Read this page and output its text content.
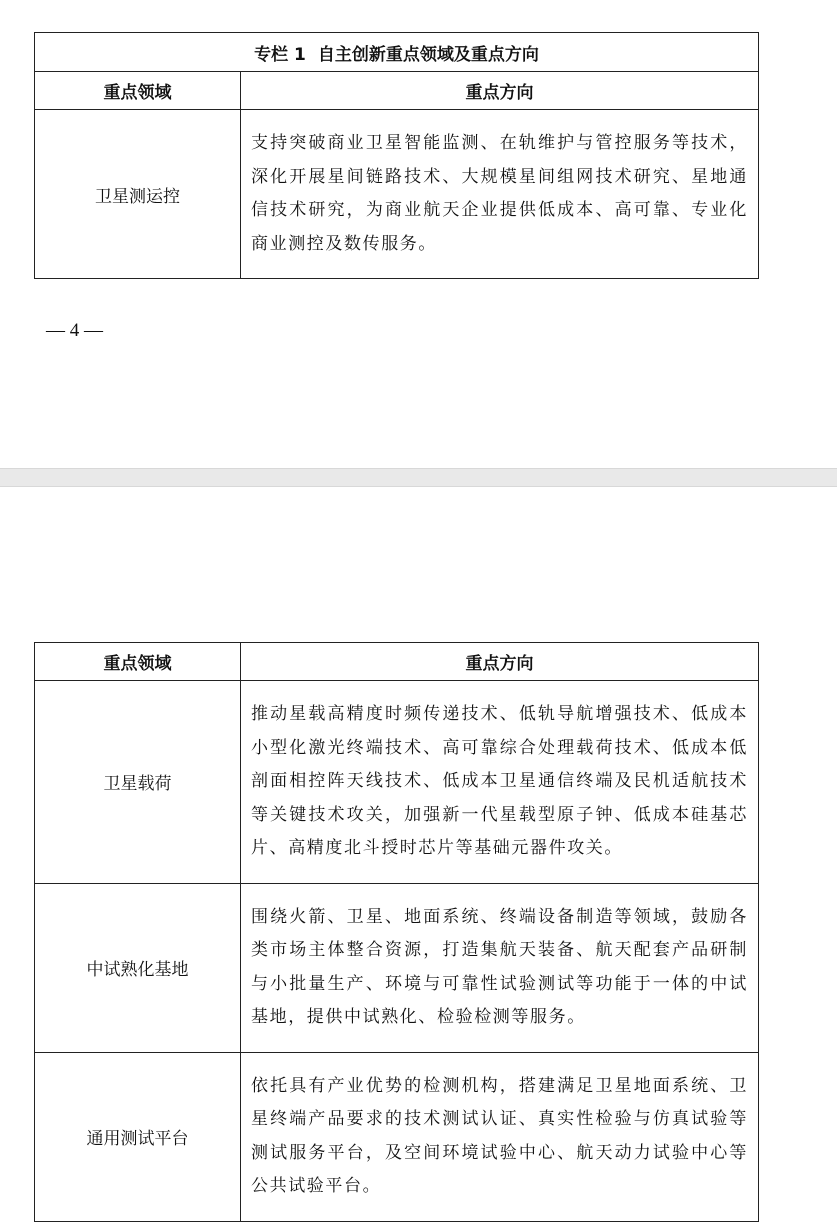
专栏 1 自主创新重点领域及重点方向	
重点领域	重点方向
卫星测运控	支持突破商业卫星智能监测、在轨维护与管控服务等技术，深化开展星间链路技术、大规模星间组网技术研究、星地通信技术研究，为商业航天企业提供低成本、高可靠、专业化商业测控及数传服务。
— 4 —
重点领域	重点方向
卫星载荷	推动星载高精度时频传递技术、低轨导航增强技术、低成本小型化激光终端技术、高可靠综合处理载荷技术、低成本低剖面相控阵天线技术、低成本卫星通信终端及民机适航技术等关键技术攻关，加强新一代星载型原子钟、低成本硅基芯片、高精度北斗授时芯片等基础元器件攻关。
中试熟化基地	围绕火箭、卫星、地面系统、终端设备制造等领域，鼓励各类市场主体整合资源，打造集航天装备、航天配套产品研制与小批量生产、环境与可靠性试验测试等功能于一体的中试基地，提供中试熟化、检验检测等服务。
通用测试平台	依托具有产业优势的检测机构，搭建满足卫星地面系统、卫星终端产品要求的技术测试认证、真实性检验与仿真试验等测试服务平台，及空间环境试验中心、航天动力试验中心等公共试验平台。
